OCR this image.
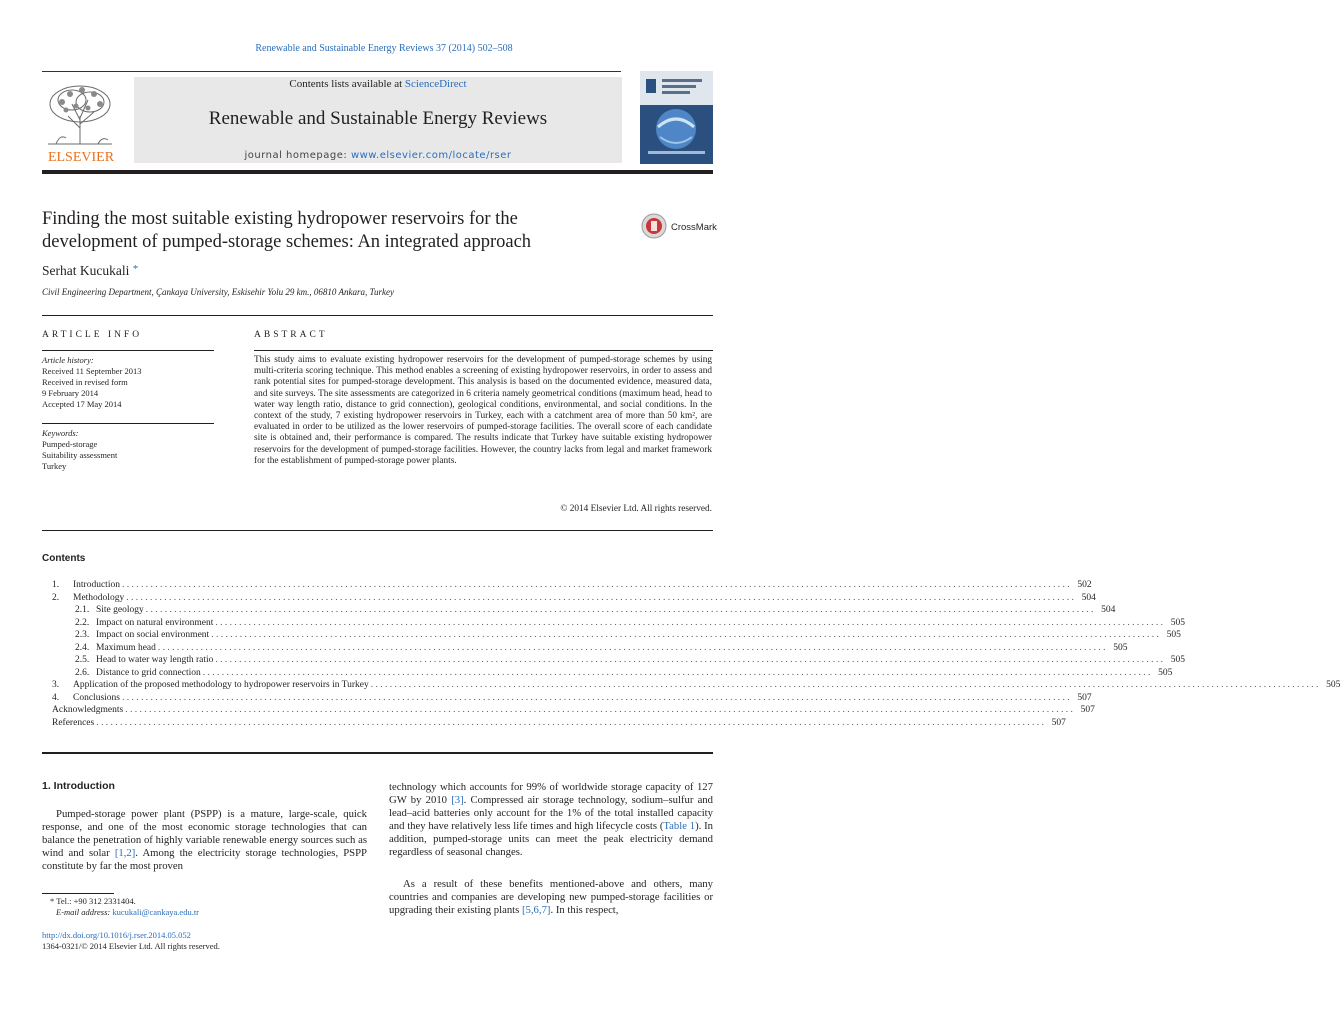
Renewable and Sustainable Energy Reviews 37 (2014) 502–508
Contents lists available at ScienceDirect
Renewable and Sustainable Energy Reviews
journal homepage: www.elsevier.com/locate/rser
ELSEVIER
Finding the most suitable existing hydropower reservoirs for the
development of pumped-storage schemes: An integrated approach
CrossMark
Serhat Kucukali *
Civil Engineering Department, Çankaya University, Eskisehir Yolu 29 km., 06810 Ankara, Turkey
ARTICLE INFO	ABSTRACT
Article history:
Received 11 September 2013
Received in revised form
9 February 2014
Accepted 17 May 2014
Keywords:
Pumped-storage
Suitability assessment
Turkey
This study aims to evaluate existing hydropower reservoirs for the development of pumped-storage schemes by using multi-criteria scoring technique. This method enables a screening of existing hydropower reservoirs, in order to assess and rank potential sites for pumped-storage development. This analysis is based on the documented evidence, measured data, and site surveys. The site assessments are categorized in 6 criteria namely geometrical conditions (maximum head, head to water way length ratio, distance to grid connection), geological conditions, environmental, and social conditions. In the context of the study, 7 existing hydropower reservoirs in Turkey, each with a catchment area of more than 50 km², are evaluated in order to be utilized as the lower reservoirs of pumped-storage facilities. The overall score of each candidate site is obtained and, their performance is compared. The results indicate that Turkey have suitable existing hydropower reservoirs for the development of pumped-storage facilities. However, the country lacks from legal and market framework for the establishment of pumped-storage power plants.
© 2014 Elsevier Ltd. All rights reserved.
Contents
1.	Introduction . . . . . . . . . . . . . . . . . . . . . . . . . . . . . . . . . . . . . . . . . . . . . . . . . . . . . . . . . . . . . . . . . . . . . . . . . . . . . . . . . . . . . . . . . . . . . . . . . . . . . . . . . . . . . . . . . . . . . . . . . . . . . . . . . . . . . . . . . . . . . . . . . . . . . . . . . . . . . . . . . . . . . . . . . . . . . . . . . . . . . . . . . . . . . . . . . . . . . . . . 502
2.	Methodology . . . . . . . . . . . . . . . . . . . . . . . . . . . . . . . . . . . . . . . . . . . . . . . . . . . . . . . . . . . . . . . . . . . . . . . . . . . . . . . . . . . . . . . . . . . . . . . . . . . . . . . . . . . . . . . . . . . . . . . . . . . . . . . . . . . . . . . . . . . . . . . . . . . . . . . . . . . . . . . . . . . . . . . . . . . . . . . . . . . . . . . . . . . . . . . . . . . . . . . . 504
2.1. Site geology . . . . . . . . . . . . . . . . . . . . . . . . . . . . . . . . . . . . . . . . . . . . . . . . . . . . . . . . . . . . . . . . . . . . . . . . . . . . . . . . . . . . . . . . . . . . . . . . . . . . . . . . . . . . . . . . . . . . . . . . . . . . . . . . . . . . . . . . . . . . . . . . . . . . . . . . . . . . . . . . . . . . . . . . . . . . . . . . . . . . . . . . . . . . . . . . . . . . . . . . 504
2.2. Impact on natural environment . . . . . . . . . . . . . . . . . . . . . . . . . . . . . . . . . . . . . . . . . . . . . . . . . . . . . . . . . . . . . . . . . . . . . . . . . . . . . . . . . . . . . . . . . . . . . . . . . . . . . . . . . . . . . . . . . . . . . . . . . . . . . . . . . . . . . . . . . . . . . . . . . . . . . . . . . . . . . . . . . . . . . . . . . . . . . . . . . . . . . . . . . . . . . . . . . . . . . . . . 505
2.3. Impact on social environment . . . . . . . . . . . . . . . . . . . . . . . . . . . . . . . . . . . . . . . . . . . . . . . . . . . . . . . . . . . . . . . . . . . . . . . . . . . . . . . . . . . . . . . . . . . . . . . . . . . . . . . . . . . . . . . . . . . . . . . . . . . . . . . . . . . . . . . . . . . . . . . . . . . . . . . . . . . . . . . . . . . . . . . . . . . . . . . . . . . . . . . . . . . . . . . . . . . . . . . . 505
2.4. Maximum head . . . . . . . . . . . . . . . . . . . . . . . . . . . . . . . . . . . . . . . . . . . . . . . . . . . . . . . . . . . . . . . . . . . . . . . . . . . . . . . . . . . . . . . . . . . . . . . . . . . . . . . . . . . . . . . . . . . . . . . . . . . . . . . . . . . . . . . . . . . . . . . . . . . . . . . . . . . . . . . . . . . . . . . . . . . . . . . . . . . . . . . . . . . . . . . . . . . . . . . . 505
2.5. Head to water way length ratio . . . . . . . . . . . . . . . . . . . . . . . . . . . . . . . . . . . . . . . . . . . . . . . . . . . . . . . . . . . . . . . . . . . . . . . . . . . . . . . . . . . . . . . . . . . . . . . . . . . . . . . . . . . . . . . . . . . . . . . . . . . . . . . . . . . . . . . . . . . . . . . . . . . . . . . . . . . . . . . . . . . . . . . . . . . . . . . . . . . . . . . . . . . . . . . . . . . . . . . . 505
2.6. Distance to grid connection . . . . . . . . . . . . . . . . . . . . . . . . . . . . . . . . . . . . . . . . . . . . . . . . . . . . . . . . . . . . . . . . . . . . . . . . . . . . . . . . . . . . . . . . . . . . . . . . . . . . . . . . . . . . . . . . . . . . . . . . . . . . . . . . . . . . . . . . . . . . . . . . . . . . . . . . . . . . . . . . . . . . . . . . . . . . . . . . . . . . . . . . . . . . . . . . . . . . . . . . 505
3.	Application of the proposed methodology to hydropower reservoirs in Turkey . . . . . . . . . . . . . . . . . . . . . . . . . . . . . . . . . . . . . . . . . . . . . . . . . . . . . . . . . . . . . . . . . . . . . . . . . . . . . . . . . . . . . . . . . . . . . . . . . . . . . . . . . . . . . . . . . . . . . . . . . . . . . . . . . . . . . . . . . . . . . . . . . . . . . . . . . . . . . . . . . . . . . . . . . . . . . . . . . . . . . . . . . . . . . . . . . . . . . . . . 505
4.	Conclusions . . . . . . . . . . . . . . . . . . . . . . . . . . . . . . . . . . . . . . . . . . . . . . . . . . . . . . . . . . . . . . . . . . . . . . . . . . . . . . . . . . . . . . . . . . . . . . . . . . . . . . . . . . . . . . . . . . . . . . . . . . . . . . . . . . . . . . . . . . . . . . . . . . . . . . . . . . . . . . . . . . . . . . . . . . . . . . . . . . . . . . . . . . . . . . . . . . . . . . . . 507
Acknowledgments . . . . . . . . . . . . . . . . . . . . . . . . . . . . . . . . . . . . . . . . . . . . . . . . . . . . . . . . . . . . . . . . . . . . . . . . . . . . . . . . . . . . . . . . . . . . . . . . . . . . . . . . . . . . . . . . . . . . . . . . . . . . . . . . . . . . . . . . . . . . . . . . . . . . . . . . . . . . . . . . . . . . . . . . . . . . . . . . . . . . . . . . . . . . . . . . . . . . . . . . 507
References . . . . . . . . . . . . . . . . . . . . . . . . . . . . . . . . . . . . . . . . . . . . . . . . . . . . . . . . . . . . . . . . . . . . . . . . . . . . . . . . . . . . . . . . . . . . . . . . . . . . . . . . . . . . . . . . . . . . . . . . . . . . . . . . . . . . . . . . . . . . . . . . . . . . . . . . . . . . . . . . . . . . . . . . . . . . . . . . . . . . . . . . . . . . . . . . . . . . . . . . 507
1. Introduction
Pumped-storage power plant (PSPP) is a mature, large-scale, quick response, and one of the most economic storage technologies that can balance the penetration of highly variable renewable energy sources such as wind and solar [1,2]. Among the electricity storage technologies, PSPP constitute by far the most proven
technology which accounts for 99% of worldwide storage capacity of 127 GW by 2010 [3]. Compressed air storage technology, sodium–sulfur and lead–acid batteries only account for the 1% of the total installed capacity and they have relatively less life times and high lifecycle costs (Table 1). In addition, pumped-storage units can meet the peak electricity demand regardless of seasonal changes.
As a result of these benefits mentioned-above and others, many countries and companies are developing new pumped-storage facilities or upgrading their existing plants [5,6,7]. In this respect,
* Tel.: +90 312 2331404.
E-mail address: kucukali@cankaya.edu.tr
http://dx.doi.org/10.1016/j.rser.2014.05.052
1364-0321/© 2014 Elsevier Ltd. All rights reserved.
